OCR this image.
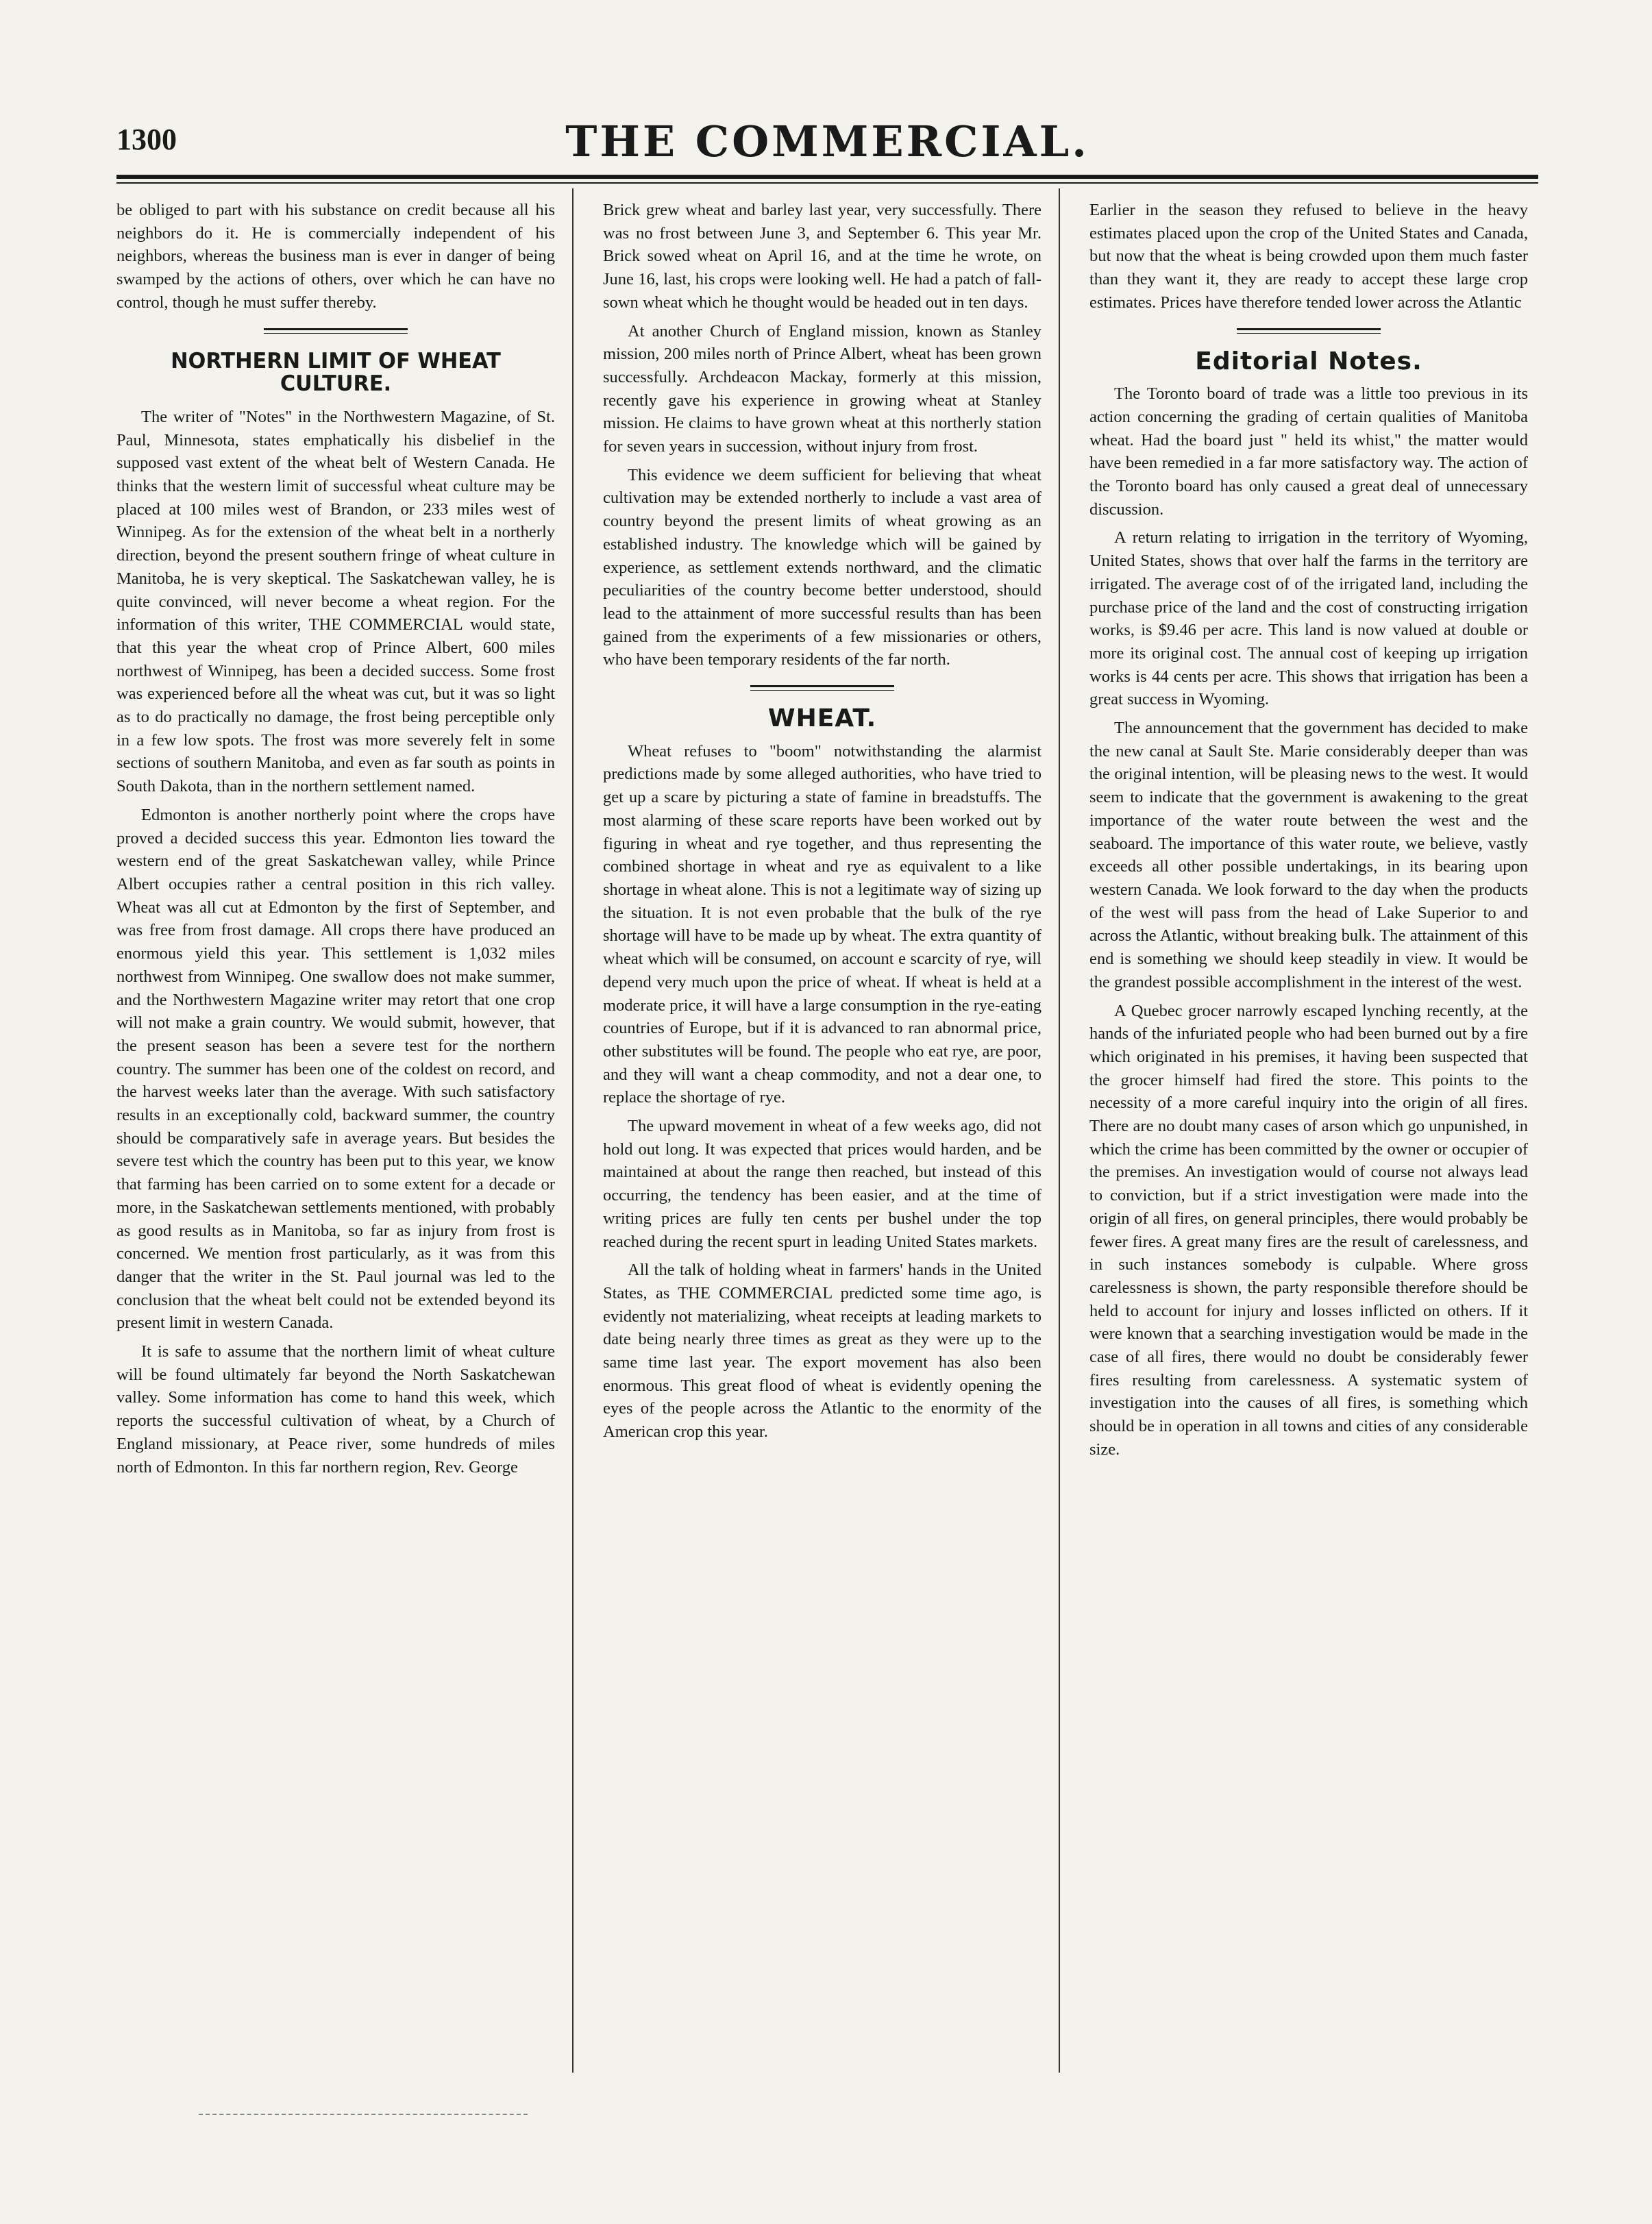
1300	THE COMMERCIAL.

be obliged to part with his substance on credit because all his neighbors do it. He is commercially independent of his neighbors, whereas the business man is ever in danger of being swamped by the actions of others, over which he can have no control, though he must suffer thereby.

NORTHERN LIMIT OF WHEAT CULTURE.

The writer of "Notes" in the Northwestern Magazine, of St. Paul, Minnesota, states emphatically his disbelief in the supposed vast extent of the wheat belt of Western Canada. He thinks that the western limit of successful wheat culture may be placed at 100 miles west of Brandon, or 233 miles west of Winnipeg. As for the extension of the wheat belt in a northerly direction, beyond the present southern fringe of wheat culture in Manitoba, he is very skeptical. The Saskatchewan valley, he is quite convinced, will never become a wheat region. For the information of this writer, THE COMMERCIAL would state, that this year the wheat crop of Prince Albert, 600 miles northwest of Winnipeg, has been a decided success. Some frost was experienced before all the wheat was cut, but it was so light as to do practically no damage, the frost being perceptible only in a few low spots. The frost was more severely felt in some sections of southern Manitoba, and even as far south as points in South Dakota, than in the northern settlement named.

Edmonton is another northerly point where the crops have proved a decided success this year. Edmonton lies toward the western end of the great Saskatchewan valley, while Prince Albert occupies rather a central position in this rich valley. Wheat was all cut at Edmonton by the first of September, and was free from frost damage. All crops there have produced an enormous yield this year. This settlement is 1,032 miles northwest from Winnipeg. One swallow does not make summer, and the Northwestern Magazine writer may retort that one crop will not make a grain country. We would submit, however, that the present season has been a severe test for the northern country. The summer has been one of the coldest on record, and the harvest weeks later than the average. With such satisfactory results in an exceptionally cold, backward summer, the country should be comparatively safe in average years. But besides the severe test which the country has been put to this year, we know that farming has been carried on to some extent for a decade or more, in the Saskatchewan settlements mentioned, with probably as good results as in Manitoba, so far as injury from frost is concerned. We mention frost particularly, as it was from this danger that the writer in the St. Paul journal was led to the conclusion that the wheat belt could not be extended beyond its present limit in western Canada.

It is safe to assume that the northern limit of wheat culture will be found ultimately far beyond the North Saskatchewan valley. Some information has come to hand this week, which reports the successful cultivation of wheat, by a Church of England missionary, at Peace river, some hundreds of miles north of Edmonton. In this far northern region, Rev. George

Brick grew wheat and barley last year, very successfully. There was no frost between June 3, and September 6. This year Mr. Brick sowed wheat on April 16, and at the time he wrote, on June 16, last, his crops were looking well. He had a patch of fall-sown wheat which he thought would be headed out in ten days.

At another Church of England mission, known as Stanley mission, 200 miles north of Prince Albert, wheat has been grown successfully. Archdeacon Mackay, formerly at this mission, recently gave his experience in growing wheat at Stanley mission. He claims to have grown wheat at this northerly station for seven years in succession, without injury from frost.

This evidence we deem sufficient for believing that wheat cultivation may be extended northerly to include a vast area of country beyond the present limits of wheat growing as an established industry. The knowledge which will be gained by experience, as settlement extends northward, and the climatic peculiarities of the country become better understood, should lead to the attainment of more successful results than has been gained from the experiments of a few missionaries or others, who have been temporary residents of the far north.

WHEAT.

Wheat refuses to "boom" notwithstanding the alarmist predictions made by some alleged authorities, who have tried to get up a scare by picturing a state of famine in breadstuffs. The most alarming of these scare reports have been worked out by figuring in wheat and rye together, and thus representing the combined shortage in wheat and rye as equivalent to a like shortage in wheat alone. This is not a legitimate way of sizing up the situation. It is not even probable that the bulk of the rye shortage will have to be made up by wheat. The extra quantity of wheat which will be consumed, on account e scarcity of rye, will depend very much upon the price of wheat. If wheat is held at a moderate price, it will have a large consumption in the rye-eating countries of Europe, but if it is advanced to ran abnormal price, other substitutes will be found. The people who eat rye, are poor, and they will want a cheap commodity, and not a dear one, to replace the shortage of rye.

The upward movement in wheat of a few weeks ago, did not hold out long. It was expected that prices would harden, and be maintained at about the range then reached, but instead of this occurring, the tendency has been easier, and at the time of writing prices are fully ten cents per bushel under the top reached during the recent spurt in leading United States markets.

All the talk of holding wheat in farmers' hands in the United States, as THE COMMERCIAL predicted some time ago, is evidently not materializing, wheat receipts at leading markets to date being nearly three times as great as they were up to the same time last year. The export movement has also been enormous. This great flood of wheat is evidently opening the eyes of the people across the Atlantic to the enormity of the American crop this year.

Earlier in the season they refused to believe in the heavy estimates placed upon the crop of the United States and Canada, but now that the wheat is being crowded upon them much faster than they want it, they are ready to accept these large crop estimates. Prices have therefore tended lower across the Atlantic

Editorial Notes.

The Toronto board of trade was a little too previous in its action concerning the grading of certain qualities of Manitoba wheat. Had the board just " held its whist," the matter would have been remedied in a far more satisfactory way. The action of the Toronto board has only caused a great deal of unnecessary discussion.

A return relating to irrigation in the territory of Wyoming, United States, shows that over half the farms in the territory are irrigated. The average cost of of the irrigated land, including the purchase price of the land and the cost of constructing irrigation works, is $9.46 per acre. This land is now valued at double or more its original cost. The annual cost of keeping up irrigation works is 44 cents per acre. This shows that irrigation has been a great success in Wyoming.

The announcement that the government has decided to make the new canal at Sault Ste. Marie considerably deeper than was the original intention, will be pleasing news to the west. It would seem to indicate that the government is awakening to the great importance of the water route between the west and the seaboard. The importance of this water route, we believe, vastly exceeds all other possible undertakings, in its bearing upon western Canada. We look forward to the day when the products of the west will pass from the head of Lake Superior to and across the Atlantic, without breaking bulk. The attainment of this end is something we should keep steadily in view. It would be the grandest possible accomplishment in the interest of the west.

A Quebec grocer narrowly escaped lynching recently, at the hands of the infuriated people who had been burned out by a fire which originated in his premises, it having been suspected that the grocer himself had fired the store. This points to the necessity of a more careful inquiry into the origin of all fires. There are no doubt many cases of arson which go unpunished, in which the crime has been committed by the owner or occupier of the premises. An investigation would of course not always lead to conviction, but if a strict investigation were made into the origin of all fires, on general principles, there would probably be fewer fires. A great many fires are the result of carelessness, and in such instances somebody is culpable. Where gross carelessness is shown, the party responsible therefore should be held to account for injury and losses inflicted on others. If it were known that a searching investigation would be made in the case of all fires, there would no doubt be considerably fewer fires resulting from carelessness. A systematic system of investigation into the causes of all fires, is something which should be in operation in all towns and cities of any considerable size.
